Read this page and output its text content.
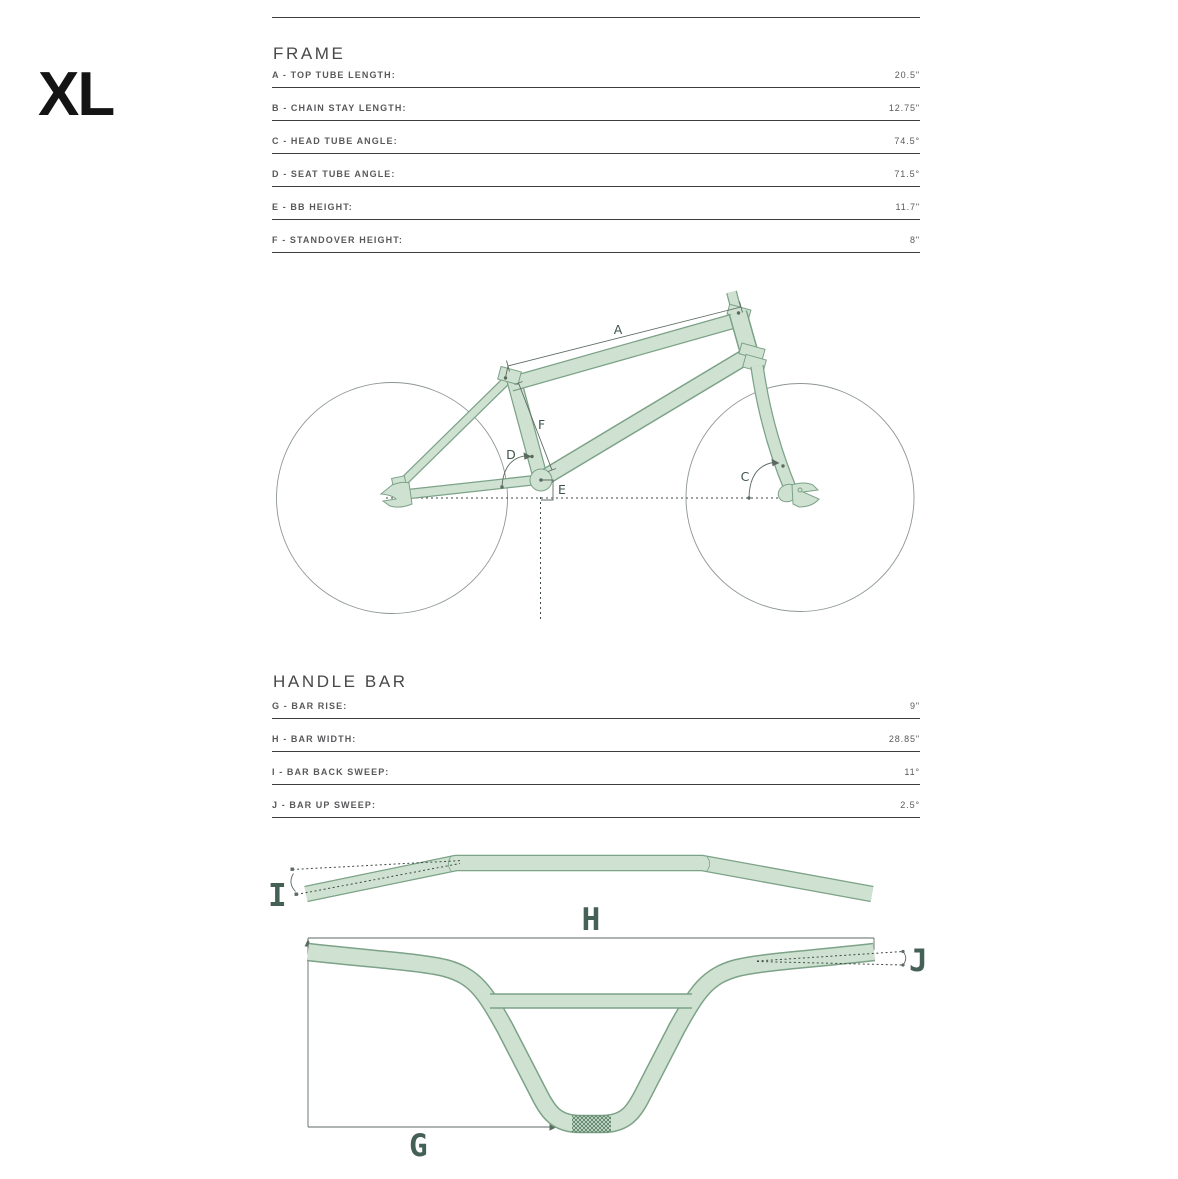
XL
FRAME
A - TOP TUBE LENGTH:	20.5"
B - CHAIN STAY LENGTH:	12.75"
C - HEAD TUBE ANGLE:	74.5°
D - SEAT TUBE ANGLE:	71.5°
E - BB HEIGHT:	11.7"
F - STANDOVER HEIGHT:	8"
A
F
D
E
C
HANDLE BAR
G - BAR RISE:	9"
H - BAR WIDTH:	28.85"
I - BAR BACK SWEEP:	11°
J - BAR UP SWEEP:	2.5°
I
H
G
J
